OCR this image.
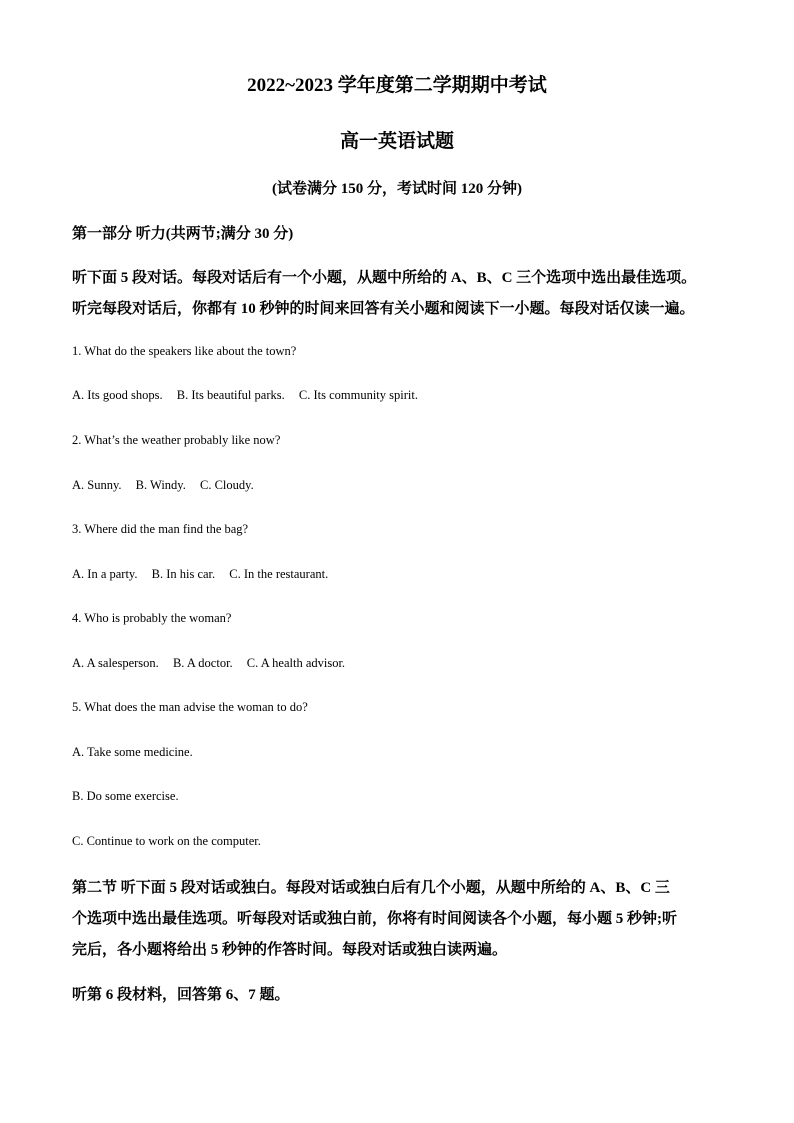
2022~2023 学年度第二学期期中考试
高一英语试题
(试卷满分 150 分，考试时间 120 分钟)
第一部分 听力(共两节;满分 30 分)
听下面 5 段对话。每段对话后有一个小题，从题中所给的 A、B、C 三个选项中选出最佳选项。
听完每段对话后，你都有 10 秒钟的时间来回答有关小题和阅读下一小题。每段对话仅读一遍。
1. What do the speakers like about the town?
A. Its good shops. B. Its beautiful parks. C. Its community spirit.
2. What’s the weather probably like now?
A. Sunny. B. Windy. C. Cloudy.
3. Where did the man find the bag?
A. In a party. B. In his car. C. In the restaurant.
4. Who is probably the woman?
A. A salesperson. B. A doctor. C. A health advisor.
5. What does the man advise the woman to do?
A. Take some medicine.
B. Do some exercise.
C. Continue to work on the computer.
第二节 听下面 5 段对话或独白。每段对话或独白后有几个小题，从题中所给的 A、B、C 三
个选项中选出最佳选项。听每段对话或独白前，你将有时间阅读各个小题，每小题 5 秒钟;听
完后，各小题将给出 5 秒钟的作答时间。每段对话或独白读两遍。
听第 6 段材料，回答第 6、7 题。
